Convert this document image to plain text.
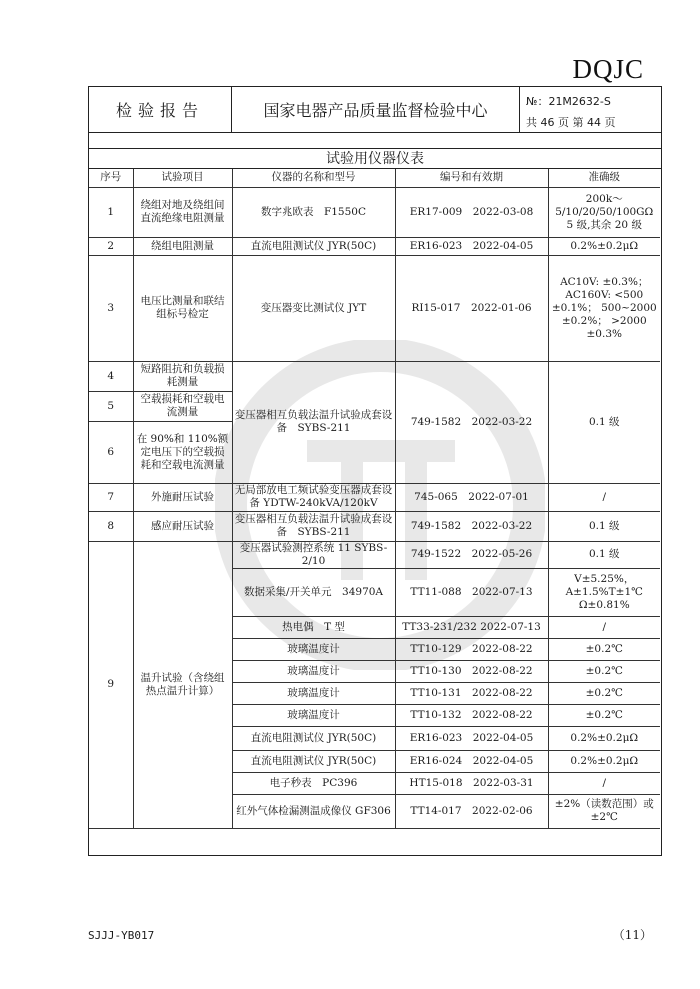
DQJC
检验报告	国家电器产品质量监督检验中心	№：21M2632-S
共 46 页 第 44 页
试验用仪器仪表
序号	试验项目	仪器的名称和型号	编号和有效期	准确级
1	绕组对地及绕组间直流绝缘电阻测量	数字兆欧表　F1550C	ER17-009　2022-03-08	200k～5/10/20/50/100GΩ 5 级,其余 20 级
2	绕组电阻测量	直流电阻测试仪 JYR(50C)	ER16-023　2022-04-05	0.2%±0.2μΩ
3	电压比测量和联结组标号检定	变压器变比测试仪 JYT	RI15-017　2022-01-06	AC10V: ±0.3%； AC160V: <500 ±0.1%； 500~2000 ±0.2%； >2000 ±0.3%
4	短路阻抗和负载损耗测量	变压器相互负载法温升试验成套设备　SYBS-211	749-1582　2022-03-22	0.1 级
5	空载损耗和空载电流测量			
6	在 90%和 110%额定电压下的空载损耗和空载电流测量			
7	外施耐压试验	无局部放电工频试验变压器成套设备 YDTW-240kVA/120kV	745-065　2022-07-01	/
8	感应耐压试验	变压器相互负载法温升试验成套设备　SYBS-211	749-1582　2022-03-22	0.1 级
9	温升试验（含绕组热点温升计算）	变压器试验测控系统 11 SYBS-2/10	749-1522　2022-05-26	0.1 级
		数据采集/开关单元　34970A	TT11-088　2022-07-13	V±5.25%，A±1.5%T±1℃　Ω±0.81%
		热电偶　T 型	TT33-231/232 2022-07-13	/
		玻璃温度计	TT10-129　2022-08-22	±0.2℃
		玻璃温度计	TT10-130　2022-08-22	±0.2℃
		玻璃温度计	TT10-131　2022-08-22	±0.2℃
		玻璃温度计	TT10-132　2022-08-22	±0.2℃
		直流电阻测试仪 JYR(50C)	ER16-023　2022-04-05	0.2%±0.2μΩ
		直流电阻测试仪 JYR(50C)	ER16-024　2022-04-05	0.2%±0.2μΩ
		电子秒表　PC396	HT15-018　2022-03-31	/
		红外气体检漏测温成像仪 GF306	TT14-017　2022-02-06	±2%（读数范围）或±2℃
SJJJ-YB017	（11）
